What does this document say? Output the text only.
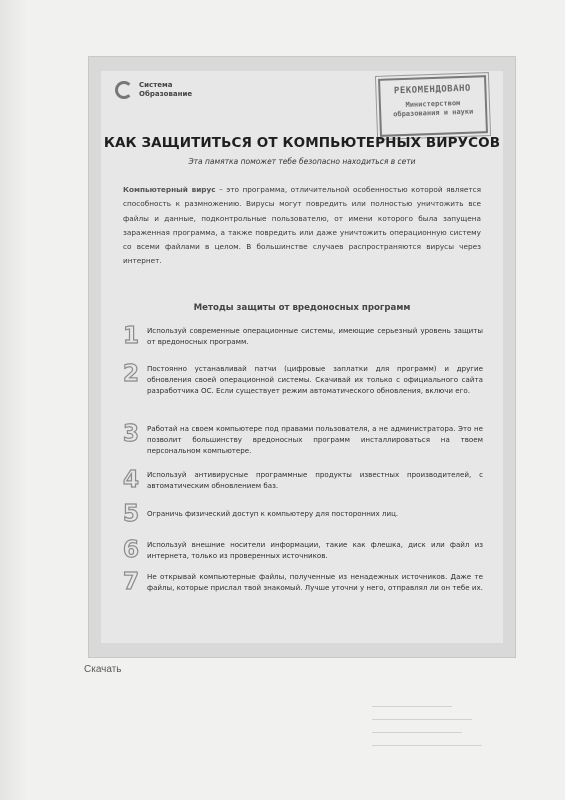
Система Образование	РЕКОМЕНДОВАНО
Министерством образования и науки
КАК ЗАЩИТИТЬСЯ ОТ КОМПЬЮТЕРНЫХ ВИРУСОВ
Эта памятка поможет тебе безопасно находиться в сети
Компьютерный вирус – это программа, отличительной особенностью которой является способность к размножению. Вирусы могут повредить или полностью уничтожить все файлы и данные, подконтрольные пользователю, от имени которого была запущена зараженная программа, а также повредить или даже уничтожить операционную систему со всеми файлами в целом. В большинстве случаев распространяются вирусы через интернет.
Методы защиты от вредоносных программ
1	Используй современные операционные системы, имеющие серьезный уровень защиты от вредоносных программ.
2	Постоянно устанавливай патчи (цифровые заплатки для программ) и другие обновления своей операционной системы. Скачивай их только с официального сайта разработчика ОС. Если существует режим автоматического обновления, включи его.
3	Работай на своем компьютере под правами пользователя, а не администратора. Это не позволит большинству вредоносных программ инсталлироваться на твоем персональном компьютере.
4	Используй антивирусные программные продукты известных производителей, с автоматическим обновлением баз.
5	Ограничь физический доступ к компьютеру для посторонних лиц.
6	Используй внешние носители информации, такие как флешка, диск или файл из интернета, только из проверенных источников.
7	Не открывай компьютерные файлы, полученные из ненадежных источников. Даже те файлы, которые прислал твой знакомый. Лучше уточни у него, отправлял ли он тебе их.
Скачать
